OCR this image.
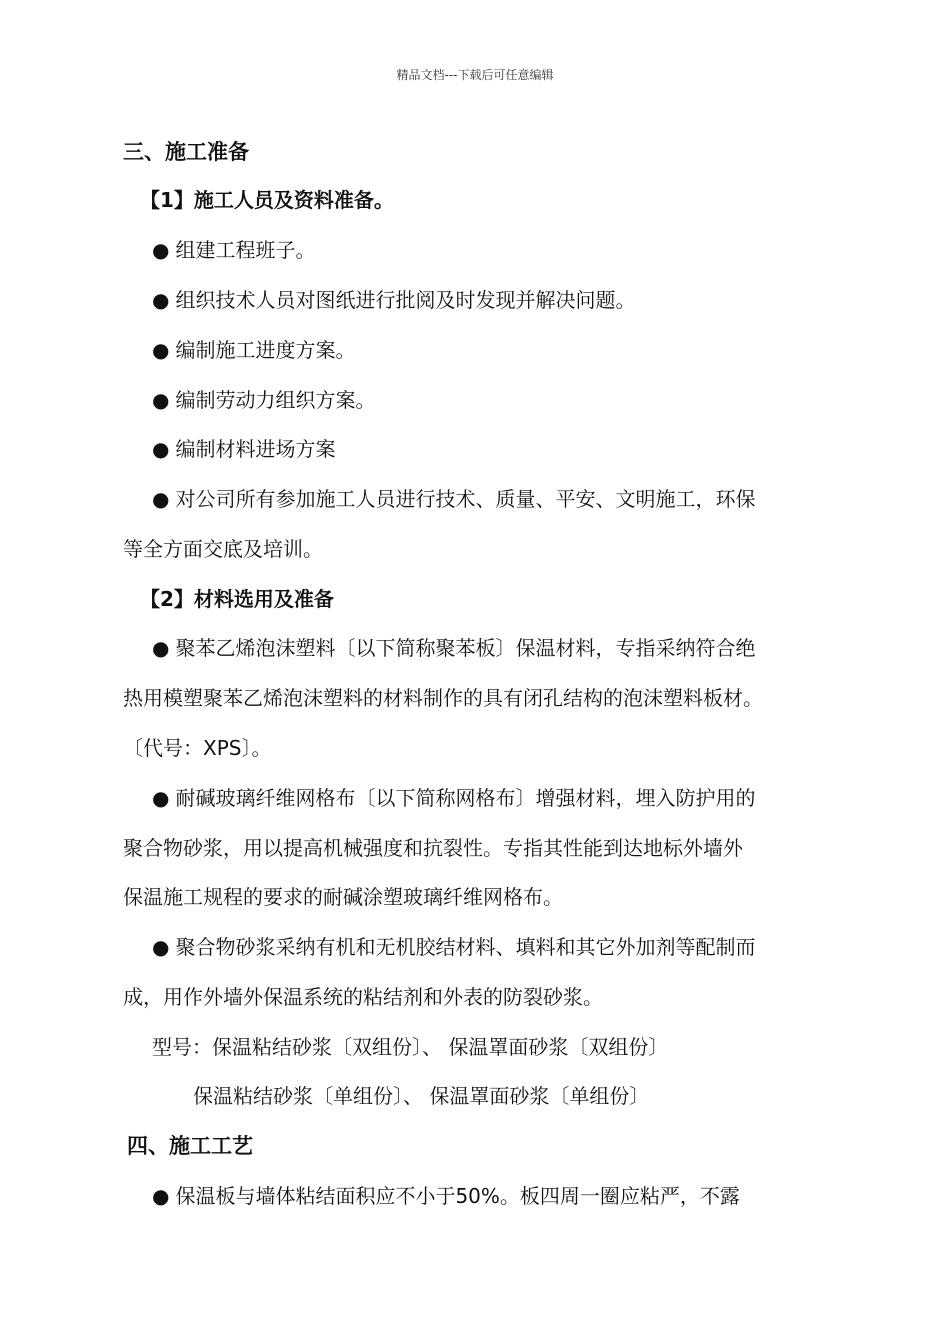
精品文档---下载后可任意编辑
三、施工准备
【1】施工人员及资料准备。
● 组建工程班子。
● 组织技术人员对图纸进行批阅及时发现并解决问题。
● 编制施工进度方案。
● 编制劳动力组织方案。
● 编制材料进场方案
● 对公司所有参加施工人员进行技术、质量、平安、文明施工，环保
等全方面交底及培训。
【2】材料选用及准备
● 聚苯乙烯泡沫塑料〔以下简称聚苯板〕保温材料，专指采纳符合绝
热用模塑聚苯乙烯泡沫塑料的材料制作的具有闭孔结构的泡沫塑料板材。
〔代号：XPS〕。
● 耐碱玻璃纤维网格布〔以下简称网格布〕增强材料，埋入防护用的
聚合物砂浆，用以提高机械强度和抗裂性。专指其性能到达地标外墙外
保温施工规程的要求的耐碱涂塑玻璃纤维网格布。
● 聚合物砂浆采纳有机和无机胶结材料、填料和其它外加剂等配制而
成，用作外墙外保温系统的粘结剂和外表的防裂砂浆。
型号：保温粘结砂浆〔双组份〕、 保温罩面砂浆〔双组份〕
保温粘结砂浆〔单组份〕、 保温罩面砂浆〔单组份〕
四、施工工艺
● 保温板与墙体粘结面积应不小于50%。板四周一圈应粘严，不露
